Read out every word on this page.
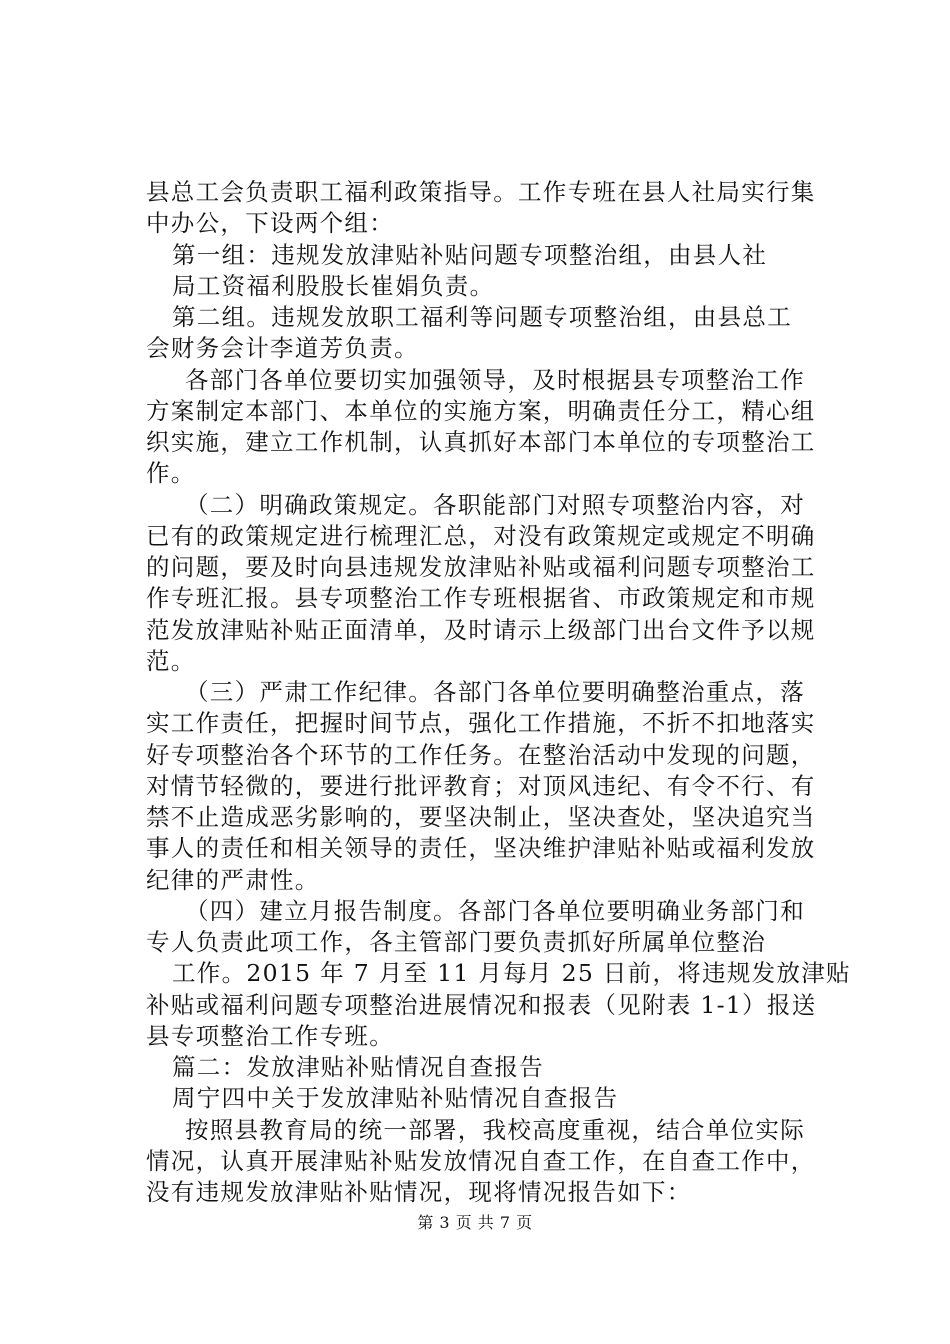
县总工会负责职工福利政策指导。工作专班在县人社局实行集
中办公，下设两个组：
第一组：违规发放津贴补贴问题专项整治组，由县人社
局工资福利股股长崔娟负责。
第二组。违规发放职工福利等问题专项整治组，由县总工
会财务会计李道芳负责。
各部门各单位要切实加强领导，及时根据县专项整治工作
方案制定本部门、本单位的实施方案，明确责任分工，精心组
织实施，建立工作机制，认真抓好本部门本单位的专项整治工
作。
（二）明确政策规定。各职能部门对照专项整治内容，对
已有的政策规定进行梳理汇总，对没有政策规定或规定不明确
的问题，要及时向县违规发放津贴补贴或福利问题专项整治工
作专班汇报。县专项整治工作专班根据省、市政策规定和市规
范发放津贴补贴正面清单，及时请示上级部门出台文件予以规
范。
（三）严肃工作纪律。各部门各单位要明确整治重点，落
实工作责任，把握时间节点，强化工作措施，不折不扣地落实
好专项整治各个环节的工作任务。在整治活动中发现的问题，
对情节轻微的，要进行批评教育；对顶风违纪、有令不行、有
禁不止造成恶劣影响的，要坚决制止，坚决查处，坚决追究当
事人的责任和相关领导的责任，坚决维护津贴补贴或福利发放
纪律的严肃性。
（四）建立月报告制度。各部门各单位要明确业务部门和
专人负责此项工作，各主管部门要负责抓好所属单位整治
工作。2015 年 7 月至 11 月每月 25 日前，将违规发放津贴
补贴或福利问题专项整治进展情况和报表（见附表 1-1）报送
县专项整治工作专班。
篇二：发放津贴补贴情况自查报告
周宁四中关于发放津贴补贴情况自查报告
按照县教育局的统一部署，我校高度重视，结合单位实际
情况，认真开展津贴补贴发放情况自查工作，在自查工作中，
没有违规发放津贴补贴情况，现将情况报告如下：
第 3 页 共 7 页
